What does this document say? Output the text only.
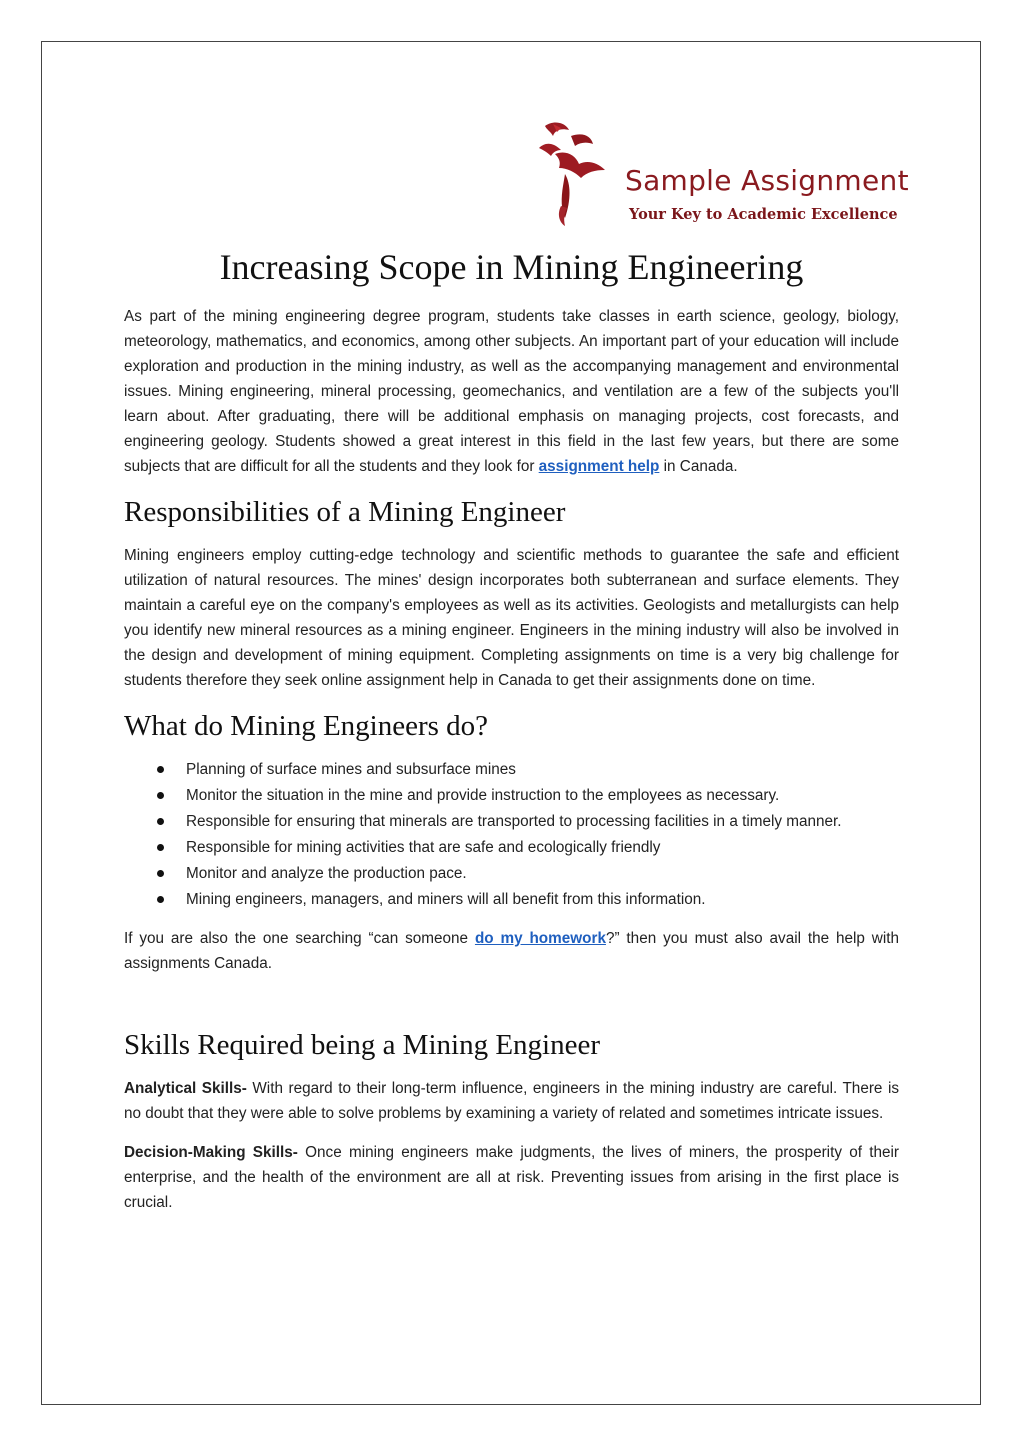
Sample Assignment
Your Key to Academic Excellence
Increasing Scope in Mining Engineering

As part of the mining engineering degree program, students take classes in earth science, geology, biology, meteorology, mathematics, and economics, among other subjects. An important part of your education will include exploration and production in the mining industry, as well as the accompanying management and environmental issues. Mining engineering, mineral processing, geomechanics, and ventilation are a few of the subjects you'll learn about. After graduating, there will be additional emphasis on managing projects, cost forecasts, and engineering geology. Students showed a great interest in this field in the last few years, but there are some subjects that are difficult for all the students and they look for assignment help in Canada.

Responsibilities of a Mining Engineer

Mining engineers employ cutting-edge technology and scientific methods to guarantee the safe and efficient utilization of natural resources. The mines' design incorporates both subterranean and surface elements. They maintain a careful eye on the company's employees as well as its activities. Geologists and metallurgists can help you identify new mineral resources as a mining engineer. Engineers in the mining industry will also be involved in the design and development of mining equipment. Completing assignments on time is a very big challenge for students therefore they seek online assignment help in Canada to get their assignments done on time.

What do Mining Engineers do?
Planning of surface mines and subsurface mines
Monitor the situation in the mine and provide instruction to the employees as necessary.
Responsible for ensuring that minerals are transported to processing facilities in a timely manner.
Responsible for mining activities that are safe and ecologically friendly
Monitor and analyze the production pace.
Mining engineers, managers, and miners will all benefit from this information.

If you are also the one searching “can someone do my homework?” then you must also avail the help with assignments Canada.

Skills Required being a Mining Engineer

Analytical Skills- With regard to their long-term influence, engineers in the mining industry are careful. There is no doubt that they were able to solve problems by examining a variety of related and sometimes intricate issues.

Decision-Making Skills- Once mining engineers make judgments, the lives of miners, the prosperity of their enterprise, and the health of the environment are all at risk. Preventing issues from arising in the first place is crucial.
